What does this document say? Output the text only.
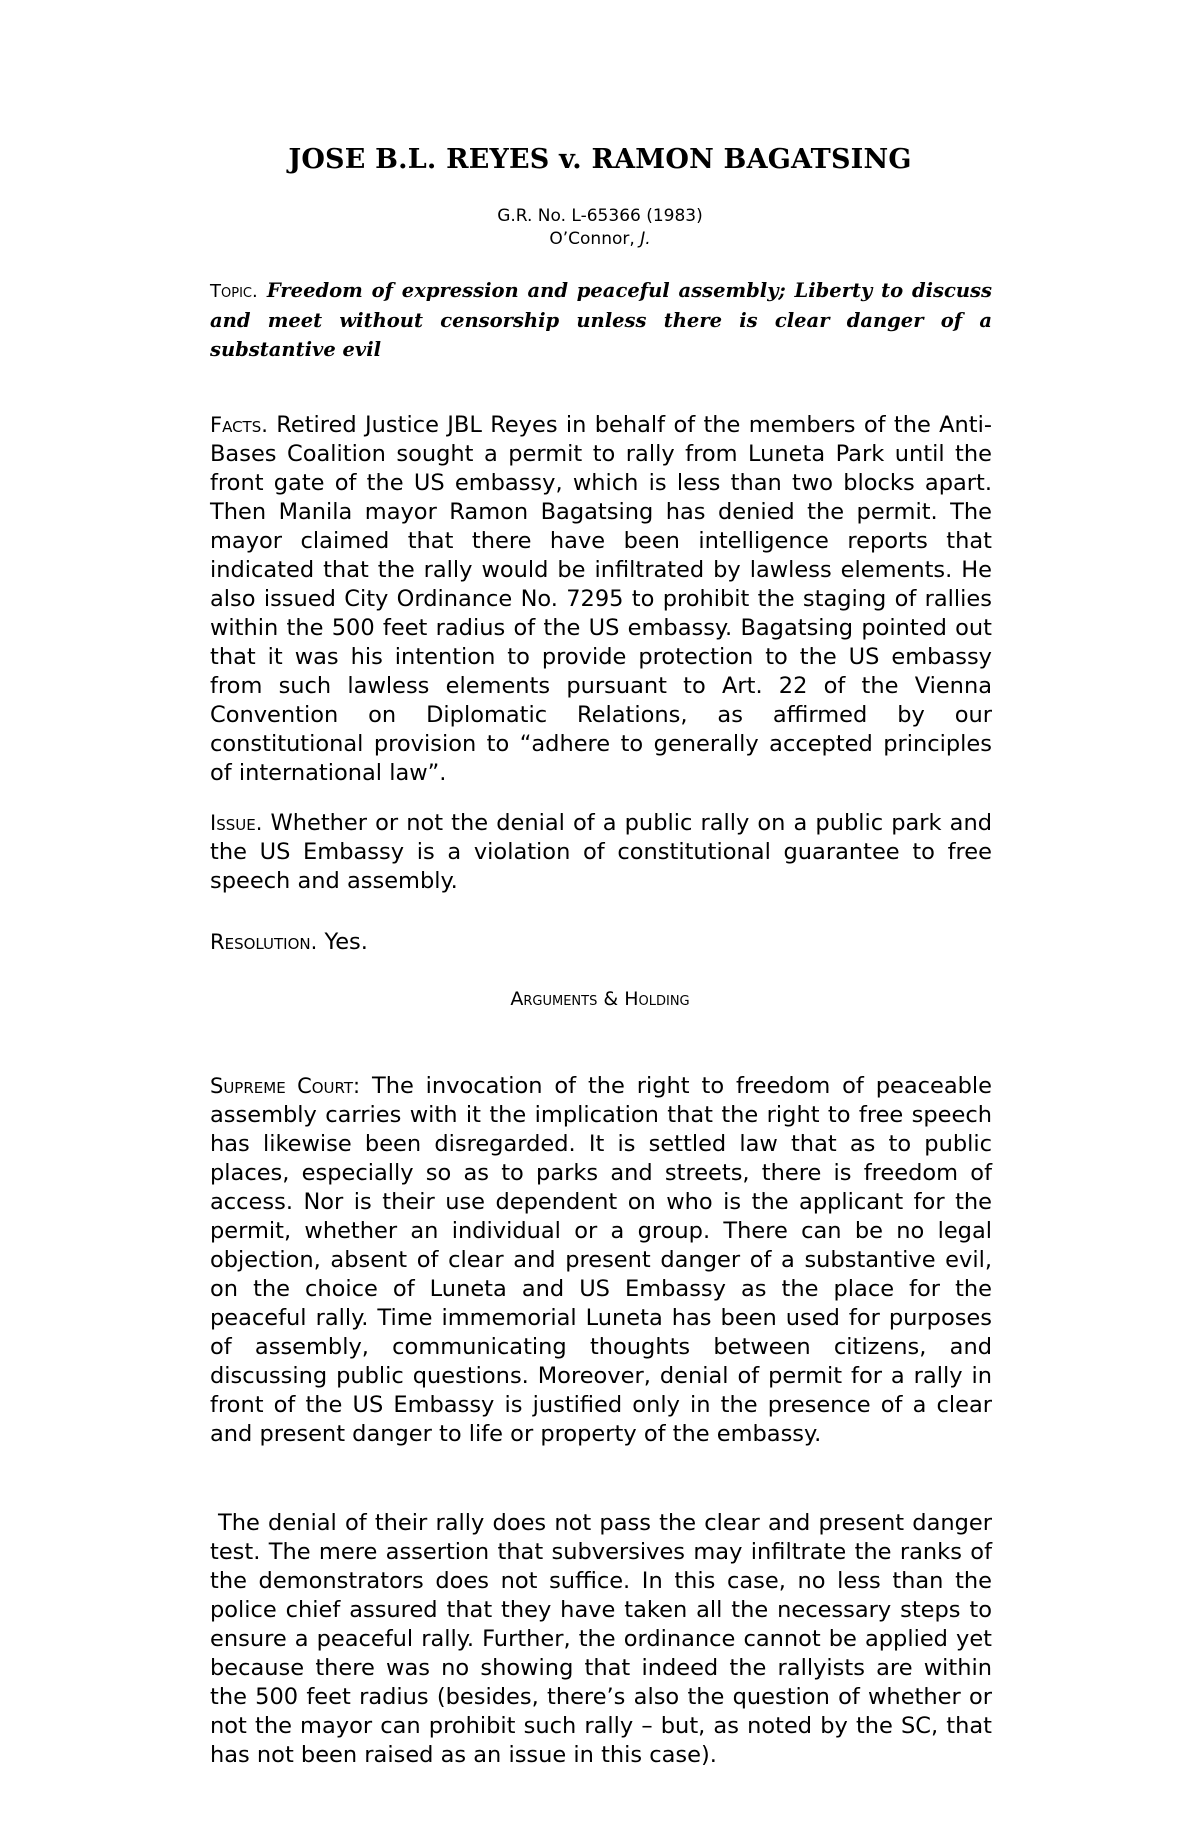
JOSE B.L. REYES v. RAMON BAGATSING

G.R. No. L-65366 (1983)

O’Connor, J.

Topic. Freedom of expression and peaceful assembly; Liberty to discuss and meet without censorship unless there is clear danger of a substantive evil

Facts. Retired Justice JBL Reyes in behalf of the members of the Anti- Bases Coalition sought a permit to rally from Luneta Park until the front gate of the US embassy, which is less than two blocks apart. Then Manila mayor Ramon Bagatsing has denied the permit. The mayor claimed that there have been intelligence reports that indicated that the rally would be infiltrated by lawless elements. He also issued City Ordinance No. 7295 to prohibit the staging of rallies within the 500 feet radius of the US embassy. Bagatsing pointed out that it was his intention to provide protection to the US embassy from such lawless elements pursuant to Art. 22 of the Vienna Convention on Diplomatic Relations, as affirmed by our constitutional provision to “adhere to generally accepted principles of international law”.

Issue. Whether or not the denial of a public rally on a public park and the US Embassy is a violation of constitutional guarantee to free speech and assembly.

Resolution. Yes.

Arguments & Holding

Supreme Court: The invocation of the right to freedom of peaceable assembly carries with it the implication that the right to free speech has likewise been disregarded. It is settled law that as to public places, especially so as to parks and streets, there is freedom of access. Nor is their use dependent on who is the applicant for the permit, whether an individual or a group. There can be no legal objection, absent of clear and present danger of a substantive evil, on the choice of Luneta and US Embassy as the place for the peaceful rally. Time immemorial Luneta has been used for purposes of assembly, communicating thoughts between citizens, and discussing public questions. Moreover, denial of permit for a rally in front of the US Embassy is justified only in the presence of a clear and present danger to life or property of the embassy.

The denial of their rally does not pass the clear and present danger test. The mere assertion that subversives may infiltrate the ranks of the demonstrators does not suffice. In this case, no less than the police chief assured that they have taken all the necessary steps to ensure a peaceful rally. Further, the ordinance cannot be applied yet because there was no showing that indeed the rallyists are within the 500 feet radius (besides, there’s also the question of whether or not the mayor can prohibit such rally – but, as noted by the SC, that has not been raised as an issue in this case).
